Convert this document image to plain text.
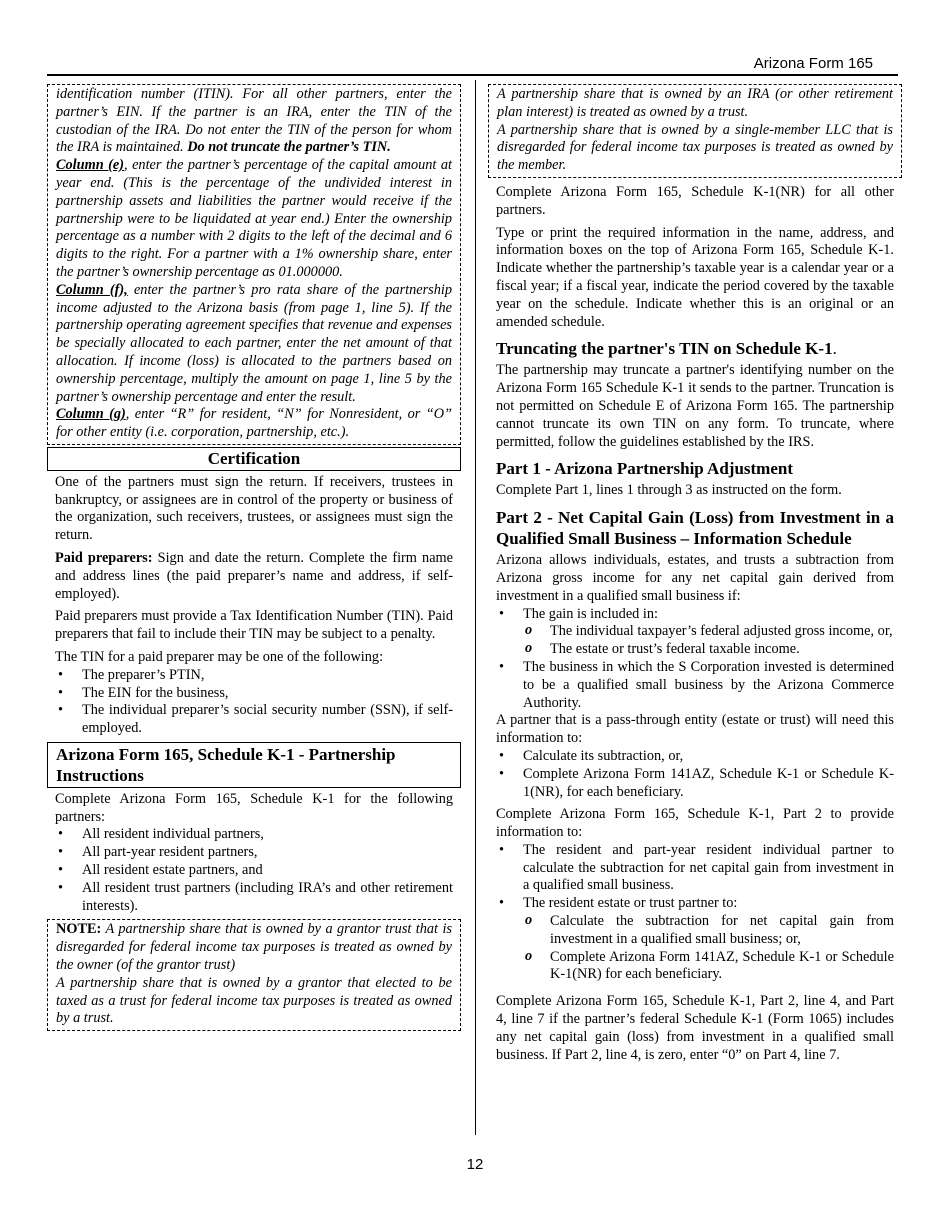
Arizona Form 165

identification number (ITIN). For all other partners, enter the partner’s EIN. If the partner is an IRA, enter the TIN of the custodian of the IRA. Do not enter the TIN of the person for whom the IRA is maintained. Do not truncate the partner’s TIN.

Column (e), enter the partner’s percentage of the capital amount at year end. (This is the percentage of the undivided interest in partnership assets and liabilities the partner would receive if the partnership were to be liquidated at year end.) Enter the ownership percentage as a number with 2 digits to the left of the decimal and 6 digits to the right. For a partner with a 1% ownership share, enter the partner’s ownership percentage as 01.000000.

Column (f), enter the partner’s pro rata share of the partnership income adjusted to the Arizona basis (from page 1, line 5). If the partnership operating agreement specifies that revenue and expenses be specially allocated to each partner, enter the net amount of that allocation. If income (loss) is allocated to the partners based on ownership percentage, multiply the amount on page 1, line 5 by the partner’s ownership percentage and enter the result.

Column (g), enter “R” for resident, “N” for Nonresident, or “O” for other entity (i.e. corporation, partnership, etc.).

Certification

One of the partners must sign the return. If receivers, trustees in bankruptcy, or assignees are in control of the property or business of the organization, such receivers, trustees, or assignees must sign the return.

Paid preparers: Sign and date the return. Complete the firm name and address lines (the paid preparer’s name and address, if self-employed).

Paid preparers must provide a Tax Identification Number (TIN). Paid preparers that fail to include their TIN may be subject to a penalty.

The TIN for a paid preparer may be one of the following:

• The preparer’s PTIN,
• The EIN for the business,
• The individual preparer’s social security number (SSN), if self-employed.
Arizona Form 165, Schedule K-1 - Partnership Instructions

Complete Arizona Form 165, Schedule K-1 for the following partners:

• All resident individual partners,
• All part-year resident partners,
• All resident estate partners, and
• All resident trust partners (including IRA’s and other retirement interests).

NOTE: A partnership share that is owned by a grantor trust that is disregarded for federal income tax purposes is treated as owned by the owner (of the grantor trust)

A partnership share that is owned by a grantor that elected to be taxed as a trust for federal income tax purposes is treated as owned by a trust.

A partnership share that is owned by an IRA (or other retirement plan interest) is treated as owned by a trust.

A partnership share that is owned by a single-member LLC that is disregarded for federal income tax purposes is treated as owned by the member.

Complete Arizona Form 165, Schedule K-1(NR) for all other partners.

Type or print the required information in the name, address, and information boxes on the top of Arizona Form 165, Schedule K-1. Indicate whether the partnership’s taxable year is a calendar year or a fiscal year; if a fiscal year, indicate the period covered by the taxable year on the schedule. Indicate whether this is an original or an amended schedule.

Truncating the partner's TIN on Schedule K-1.

The partnership may truncate a partner's identifying number on the Arizona Form 165 Schedule K-1 it sends to the partner. Truncation is not permitted on Schedule E of Arizona Form 165. The partnership cannot truncate its own TIN on any form. To truncate, where permitted, follow the guidelines established by the IRS.

Part 1 - Arizona Partnership Adjustment

Complete Part 1, lines 1 through 3 as instructed on the form.

Part 2 - Net Capital Gain (Loss) from Investment in a Qualified Small Business – Information Schedule

Arizona allows individuals, estates, and trusts a subtraction from Arizona gross income for any net capital gain derived from investment in a qualified small business if:

• The gain is included in:
o The individual taxpayer’s federal adjusted gross income, or,
o The estate or trust’s federal taxable income.
• The business in which the S Corporation invested is determined to be a qualified small business by the Arizona Commerce Authority.

A partner that is a pass-through entity (estate or trust) will need this information to:

• Calculate its subtraction, or,
• Complete Arizona Form 141AZ, Schedule K-1 or Schedule K-1(NR), for each beneficiary.

Complete Arizona Form 165, Schedule K-1, Part 2 to provide information to:

• The resident and part-year resident individual partner to calculate the subtraction for net capital gain from investment in a qualified small business.
• The resident estate or trust partner to:
o Calculate the subtraction for net capital gain from investment in a qualified small business; or,
o Complete Arizona Form 141AZ, Schedule K-1 or Schedule K-1(NR) for each beneficiary.

Complete Arizona Form 165, Schedule K-1, Part 2, line 4, and Part 4, line 7 if the partner’s federal Schedule K-1 (Form 1065) includes any net capital gain (loss) from investment in a qualified small business. If Part 2, line 4, is zero, enter “0” on Part 4, line 7.

12
